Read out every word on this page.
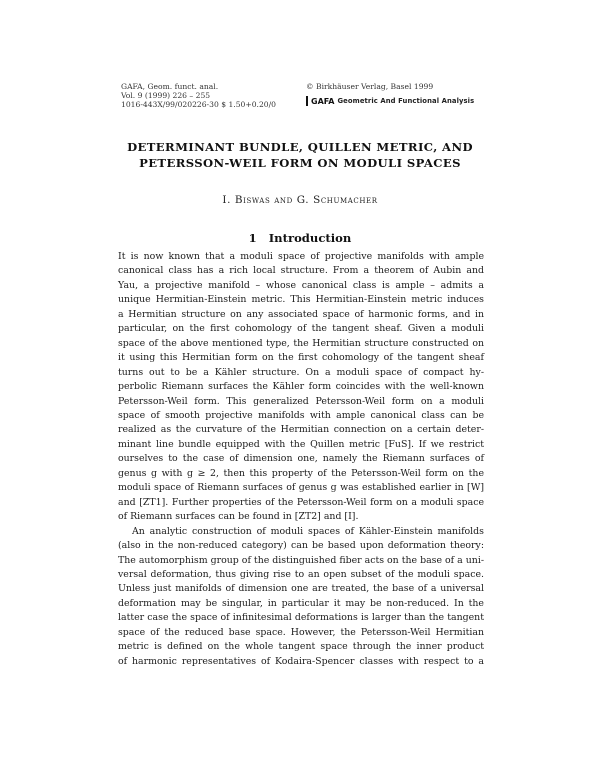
GAFA, Geom. funct. anal.
Vol. 9 (1999) 226 – 255
1016-443X/99/020226-30 $ 1.50+0.20/0
© Birkhäuser Verlag, Basel 1999
GAFA Geometric And Functional Analysis
DETERMINANT BUNDLE, QUILLEN METRIC, AND
PETERSSON-WEIL FORM ON MODULI SPACES
I. Biswas and G. Schumacher
1 Introduction
It is now known that a moduli space of projective manifolds with ample
canonical class has a rich local structure. From a theorem of Aubin and
Yau, a projective manifold – whose canonical class is ample – admits a
unique Hermitian-Einstein metric. This Hermitian-Einstein metric induces
a Hermitian structure on any associated space of harmonic forms, and in
particular, on the first cohomology of the tangent sheaf. Given a moduli
space of the above mentioned type, the Hermitian structure constructed on
it using this Hermitian form on the first cohomology of the tangent sheaf
turns out to be a Kähler structure. On a moduli space of compact hy-
perbolic Riemann surfaces the Kähler form coincides with the well-known
Petersson-Weil form. This generalized Petersson-Weil form on a moduli
space of smooth projective manifolds with ample canonical class can be
realized as the curvature of the Hermitian connection on a certain deter-
minant line bundle equipped with the Quillen metric [FuS]. If we restrict
ourselves to the case of dimension one, namely the Riemann surfaces of
genus g with g ≥ 2, then this property of the Petersson-Weil form on the
moduli space of Riemann surfaces of genus g was established earlier in [W]
and [ZT1]. Further properties of the Petersson-Weil form on a moduli space
of Riemann surfaces can be found in [ZT2] and [I].
An analytic construction of moduli spaces of Kähler-Einstein manifolds
(also in the non-reduced category) can be based upon deformation theory:
The automorphism group of the distinguished fiber acts on the base of a uni-
versal deformation, thus giving rise to an open subset of the moduli space.
Unless just manifolds of dimension one are treated, the base of a universal
deformation may be singular, in particular it may be non-reduced. In the
latter case the space of infinitesimal deformations is larger than the tangent
space of the reduced base space. However, the Petersson-Weil Hermitian
metric is defined on the whole tangent space through the inner product
of harmonic representatives of Kodaira-Spencer classes with respect to a
